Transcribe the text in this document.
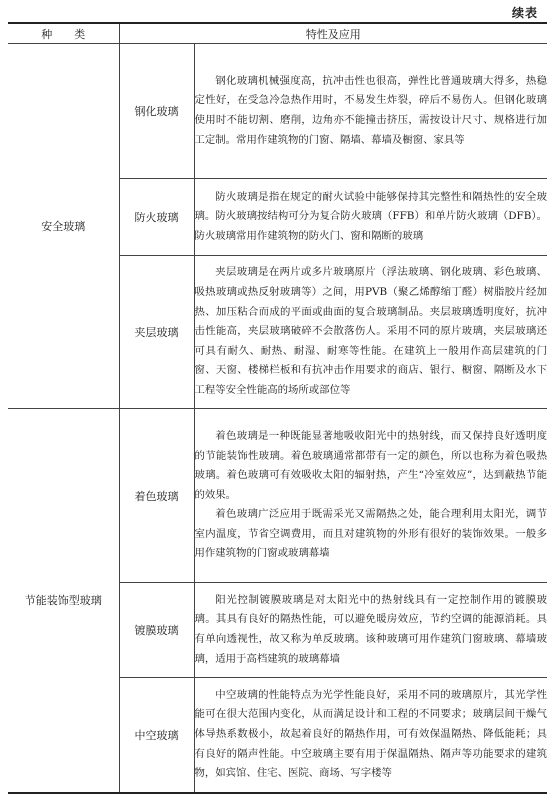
续表
种　　类	特性及应用	
安全玻璃	钢化玻璃	钢化玻璃机械强度高，抗冲击性也很高，弹性比普通玻璃大得多，热稳定性好，在受急冷急热作用时，不易发生炸裂，碎后不易伤人。但钢化玻璃使用时不能切割、磨削，边角亦不能撞击挤压，需按设计尺寸、规格进行加工定制。常用作建筑物的门窗、隔墙、幕墙及橱窗、家具等

	防火玻璃	防火玻璃是指在规定的耐火试验中能够保持其完整性和隔热性的安全玻璃。防火玻璃按结构可分为复合防火玻璃（FFB）和单片防火玻璃（DFB）。防火玻璃常用作建筑物的防火门、窗和隔断的玻璃

	夹层玻璃	夹层玻璃是在两片或多片玻璃原片（浮法玻璃、钢化玻璃、彩色玻璃、吸热玻璃或热反射玻璃等）之间，用PVB（聚乙烯醇缩丁醛）树脂胶片经加热、加压粘合而成的平面或曲面的复合玻璃制品。夹层玻璃透明度好，抗冲击性能高，夹层玻璃破碎不会散落伤人。采用不同的原片玻璃，夹层玻璃还可具有耐久、耐热、耐湿、耐寒等性能。在建筑上一般用作高层建筑的门窗、天窗、楼梯栏板和有抗冲击作用要求的商店、银行、橱窗、隔断及水下工程等安全性能高的场所或部位等

节能装饰型玻璃	着色玻璃	着色玻璃是一种既能显著地吸收阳光中的热射线，而又保持良好透明度的节能装饰性玻璃。着色玻璃通常都带有一定的颜色，所以也称为着色吸热玻璃。着色玻璃可有效吸收太阳的辐射热，产生“冷室效应”，达到蔽热节能的效果。

着色玻璃广泛应用于既需采光又需隔热之处，能合理利用太阳光，调节室内温度，节省空调费用，而且对建筑物的外形有很好的装饰效果。一般多用作建筑物的门窗或玻璃幕墙

	镀膜玻璃	阳光控制镀膜玻璃是对太阳光中的热射线具有一定控制作用的镀膜玻璃。其具有良好的隔热性能，可以避免暖房效应，节约空调的能源消耗。具有单向透视性，故又称为单反玻璃。该种玻璃可用作建筑门窗玻璃、幕墙玻璃，适用于高档建筑的玻璃幕墙

	中空玻璃	中空玻璃的性能特点为光学性能良好，采用不同的玻璃原片，其光学性能可在很大范围内变化，从而满足设计和工程的不同要求；玻璃层间干燥气体导热系数极小，故起着良好的隔热作用，可有效保温隔热、降低能耗；具有良好的隔声性能。中空玻璃主要有用于保温隔热、隔声等功能要求的建筑物，如宾馆、住宅、医院、商场、写字楼等
